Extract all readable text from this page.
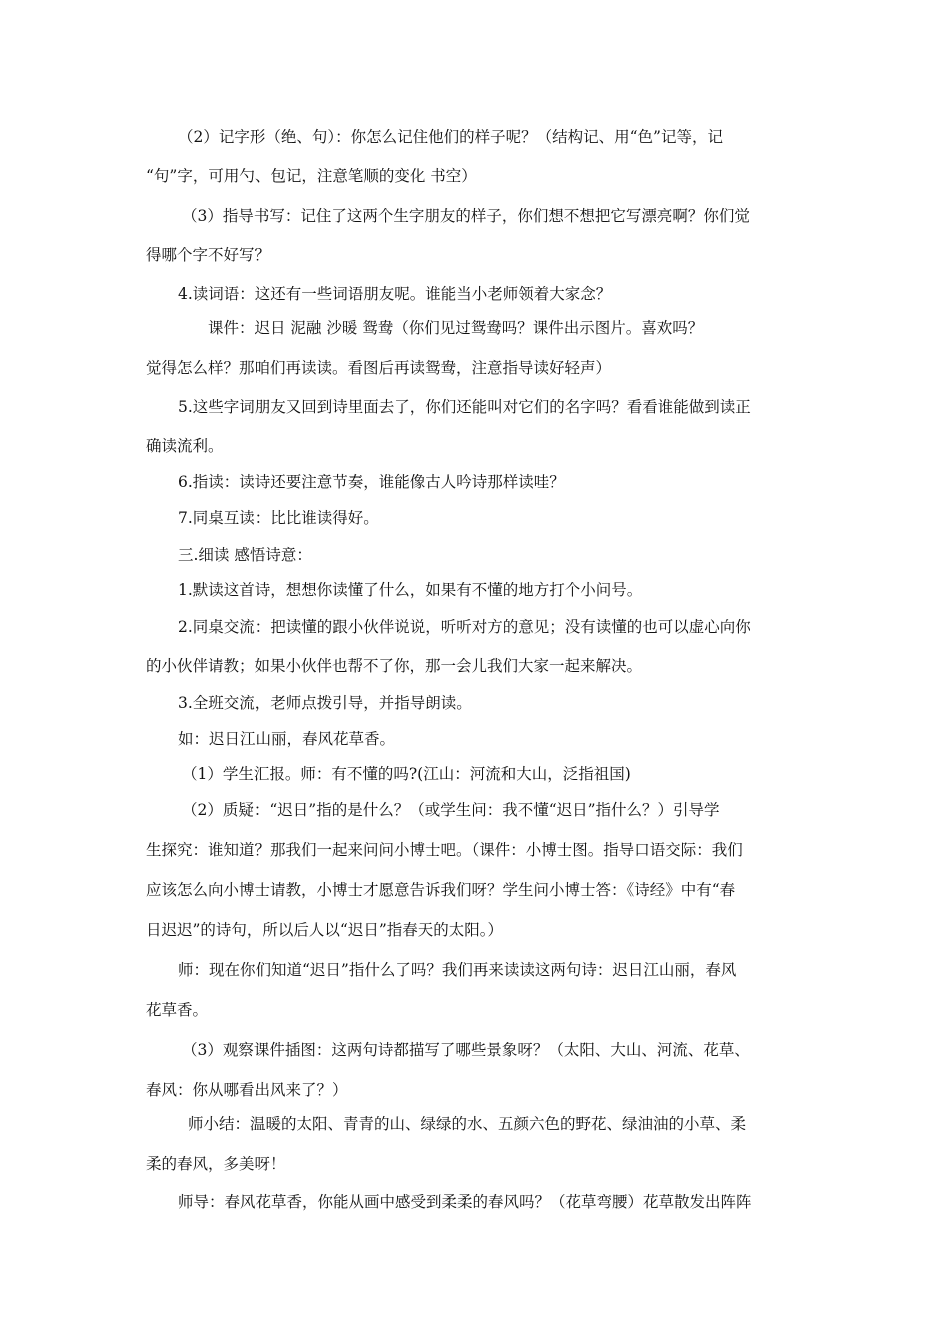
（2）记字形（绝、句）：你怎么记住他们的样子呢？（结构记、用“色”记等，记
“句”字，可用勺、包记，注意笔顺的变化 书空）
（3）指导书写：记住了这两个生字朋友的样子，你们想不想把它写漂亮啊？你们觉
得哪个字不好写？
4.读词语：这还有一些词语朋友呢。谁能当小老师领着大家念？
课件：迟日 泥融 沙暖 鸳鸯（你们见过鸳鸯吗？课件出示图片。喜欢吗？
觉得怎么样？那咱们再读读。看图后再读鸳鸯，注意指导读好轻声）
5.这些字词朋友又回到诗里面去了，你们还能叫对它们的名字吗？看看谁能做到读正
确读流利。
6.指读：读诗还要注意节奏，谁能像古人吟诗那样读哇？
7.同桌互读：比比谁读得好。
三.细读 感悟诗意：
1.默读这首诗，想想你读懂了什么，如果有不懂的地方打个小问号。
2.同桌交流：把读懂的跟小伙伴说说，听听对方的意见；没有读懂的也可以虚心向你
的小伙伴请教；如果小伙伴也帮不了你，那一会儿我们大家一起来解决。
3.全班交流，老师点拨引导，并指导朗读。
如：迟日江山丽，春风花草香。
（1）学生汇报。师：有不懂的吗?(江山：河流和大山，泛指祖国)
（2）质疑：“迟日”指的是什么？（或学生问：我不懂“迟日”指什么？）引导学
生探究：谁知道？那我们一起来问问小博士吧。（课件：小博士图。指导口语交际：我们
应该怎么向小博士请教，小博士才愿意告诉我们呀？学生问小博士答：《诗经》中有“春
日迟迟”的诗句，所以后人以“迟日”指春天的太阳。）
师：现在你们知道“迟日”指什么了吗？我们再来读读这两句诗：迟日江山丽，春风
花草香。
（3）观察课件插图：这两句诗都描写了哪些景象呀？（太阳、大山、河流、花草、
春风：你从哪看出风来了？）
师小结：温暖的太阳、青青的山、绿绿的水、五颜六色的野花、绿油油的小草、柔
柔的春风，多美呀！
师导：春风花草香，你能从画中感受到柔柔的春风吗？（花草弯腰）花草散发出阵阵
